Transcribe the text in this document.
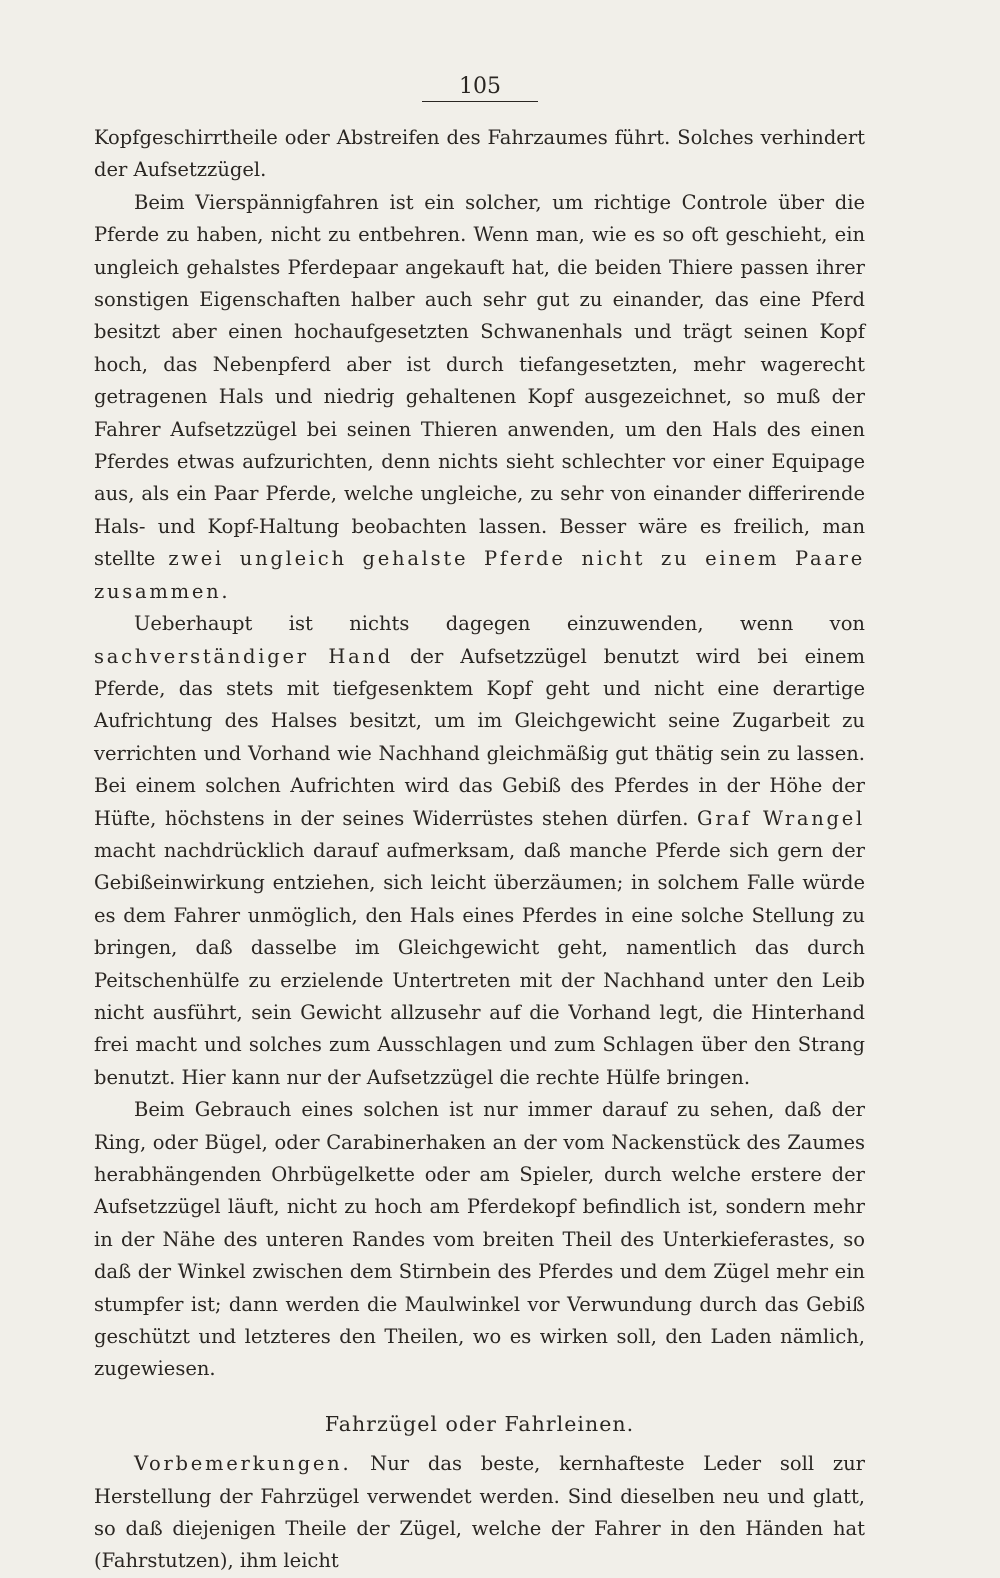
105

Kopfgeschirrtheile oder Abstreifen des Fahrzaumes führt. Solches verhindert der Aufsetzzügel.

Beim Vierspännigfahren ist ein solcher, um richtige Controle über die Pferde zu haben, nicht zu entbehren. Wenn man, wie es so oft geschieht, ein ungleich gehalstes Pferdepaar angekauft hat, die beiden Thiere passen ihrer sonstigen Eigenschaften halber auch sehr gut zu einander, das eine Pferd besitzt aber einen hochaufgesetzten Schwanenhals und trägt seinen Kopf hoch, das Nebenpferd aber ist durch tiefangesetzten, mehr wagerecht getragenen Hals und niedrig gehaltenen Kopf ausgezeichnet, so muß der Fahrer Aufsetzzügel bei seinen Thieren anwenden, um den Hals des einen Pferdes etwas aufzurichten, denn nichts sieht schlechter vor einer Equipage aus, als ein Paar Pferde, welche ungleiche, zu sehr von einander differirende Hals- und Kopf-Haltung beobachten lassen. Besser wäre es freilich, man stellte zwei ungleich gehalste Pferde nicht zu einem Paare zusammen.

Ueberhaupt ist nichts dagegen einzuwenden, wenn von sachverständiger Hand der Aufsetzzügel benutzt wird bei einem Pferde, das stets mit tiefgesenktem Kopf geht und nicht eine derartige Aufrichtung des Halses besitzt, um im Gleichgewicht seine Zugarbeit zu verrichten und Vorhand wie Nachhand gleichmäßig gut thätig sein zu lassen. Bei einem solchen Aufrichten wird das Gebiß des Pferdes in der Höhe der Hüfte, höchstens in der seines Widerrüstes stehen dürfen. Graf Wrangel macht nachdrücklich darauf aufmerksam, daß manche Pferde sich gern der Gebißeinwirkung entziehen, sich leicht überzäumen; in solchem Falle würde es dem Fahrer unmöglich, den Hals eines Pferdes in eine solche Stellung zu bringen, daß dasselbe im Gleichgewicht geht, namentlich das durch Peitschenhülfe zu erzielende Untertreten mit der Nachhand unter den Leib nicht ausführt, sein Gewicht allzusehr auf die Vorhand legt, die Hinterhand frei macht und solches zum Ausschlagen und zum Schlagen über den Strang benutzt. Hier kann nur der Aufsetzzügel die rechte Hülfe bringen.

Beim Gebrauch eines solchen ist nur immer darauf zu sehen, daß der Ring, oder Bügel, oder Carabinerhaken an der vom Nackenstück des Zaumes herabhängenden Ohrbügelkette oder am Spieler, durch welche erstere der Aufsetzzügel läuft, nicht zu hoch am Pferdekopf befindlich ist, sondern mehr in der Nähe des unteren Randes vom breiten Theil des Unterkieferastes, so daß der Winkel zwischen dem Stirnbein des Pferdes und dem Zügel mehr ein stumpfer ist; dann werden die Maulwinkel vor Verwundung durch das Gebiß geschützt und letzteres den Theilen, wo es wirken soll, den Laden nämlich, zugewiesen.

Fahrzügel oder Fahrleinen.

Vorbemerkungen. Nur das beste, kernhafteste Leder soll zur Herstellung der Fahrzügel verwendet werden. Sind dieselben neu und glatt, so daß diejenigen Theile der Zügel, welche der Fahrer in den Händen hat (Fahrstutzen), ihm leicht
